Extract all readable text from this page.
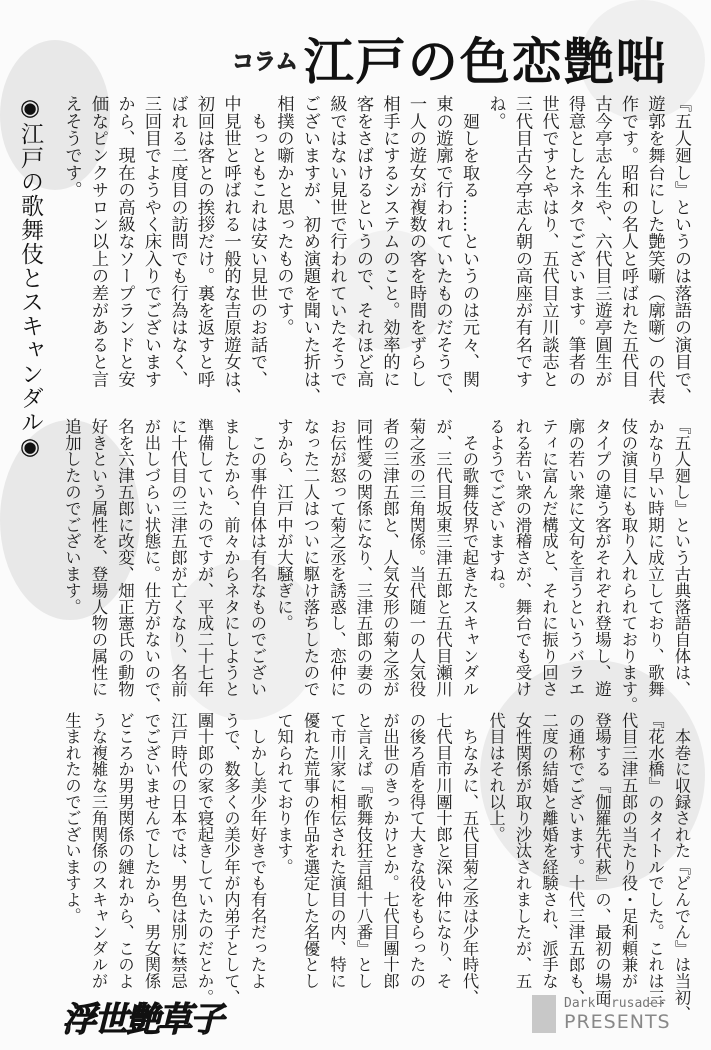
コラム 江戸の色恋艶咄
◉江戸の歌舞伎とスキャンダル◉	『五人廻し』というのは落語の演目で、
遊郭を舞台にした艶笑噺（廓噺）の代表
作です。昭和の名人と呼ばれた五代目
古今亭志ん生や、六代目三遊亭圓生が
得意としたネタでございます。筆者の
世代ですとやはり、五代目立川談志と
三代目古今亭志ん朝の高座が有名です
ね。
　廻しを取る……というのは元々、関
東の遊廓で行われていたものだそうで、
一人の遊女が複数の客を時間をずらし
相手にするシステムのこと。効率的に
客をさばけるというので、それほど高
級ではない見世で行われていたそうで
ございますが、初め演題を聞いた折は、
相撲の噺かと思ったものです。
　もっともこれは安い見世のお話で、
中見世と呼ばれる一般的な吉原遊女は、
初回は客との挨拶だけ。裏を返すと呼
ばれる二度目の訪問でも行為はなく、
三回目でようやく床入りでございます
から、現在の高級なソープランドと安
価なピンクサロン以上の差があると言
えそうです。
『五人廻し』という古典落語自体は、
かなり早い時期に成立しており、歌舞
伎の演目にも取り入れられております。
タイプの違う客がそれぞれ登場し、遊
廓の若い衆に文句を言うというバラエ
ティに富んだ構成と、それに振り回さ
れる若い衆の滑稽さが、舞台でも受け
るようでございますね。
　その歌舞伎界で起きたスキャンダル
が、三代目坂東三津五郎と五代目瀬川
菊之丞の三角関係。当代随一の人気役
者の三津五郎と、人気女形の菊之丞が
同性愛の関係になり、三津五郎の妻の
お伝が怒って菊之丞を誘惑し、恋仲に
なった二人はついに駆け落ちしたので
すから、江戸中が大騒ぎに。
　この事件自体は有名なものでござい
ましたから、前々からネタにしようと
準備していたのですが、平成二十七年
に十代目の三津五郎が亡くなり、名前
が出しづらい状態に。仕方がないので、
名を六津五郎に改変、畑正憲氏の動物
好きという属性を、登場人物の属性に
追加したのでございます。
　本巻に収録された『どんでん』は当初、
『花水橋』のタイトルでした。これは三
代目三津五郎の当たり役・足利頼兼が
登場する『伽羅先代萩』の、最初の場面
の通称でございます。十代三津五郎も、
二度の結婚と離婚を経験され、派手な
女性関係が取り沙汰されましたが、五
代目はそれ以上。
　ちなみに、五代目菊之丞は少年時代、
七代目市川團十郎と深い仲になり、そ
の後ろ盾を得て大きな役をもらったの
が出世のきっかけとか。七代目團十郎
と言えば『歌舞伎狂言組十八番』とし
て市川家に相伝された演目の内、特に
優れた荒事の作品を選定した名優とし
て知られております。
　しかし美少年好きでも有名だったよ
うで、数多くの美少年が内弟子として、
團十郎の家で寝起きしていたのだとか。
江戸時代の日本では、男色は別に禁忌
でございませんでしたから、男女関係
どころか男男関係の縺れから、このよ
うな複雑な三角関係のスキャンダルが
生まれたのでございますよ。
浮世艶草子	Dark Crusader
PRESENTS
